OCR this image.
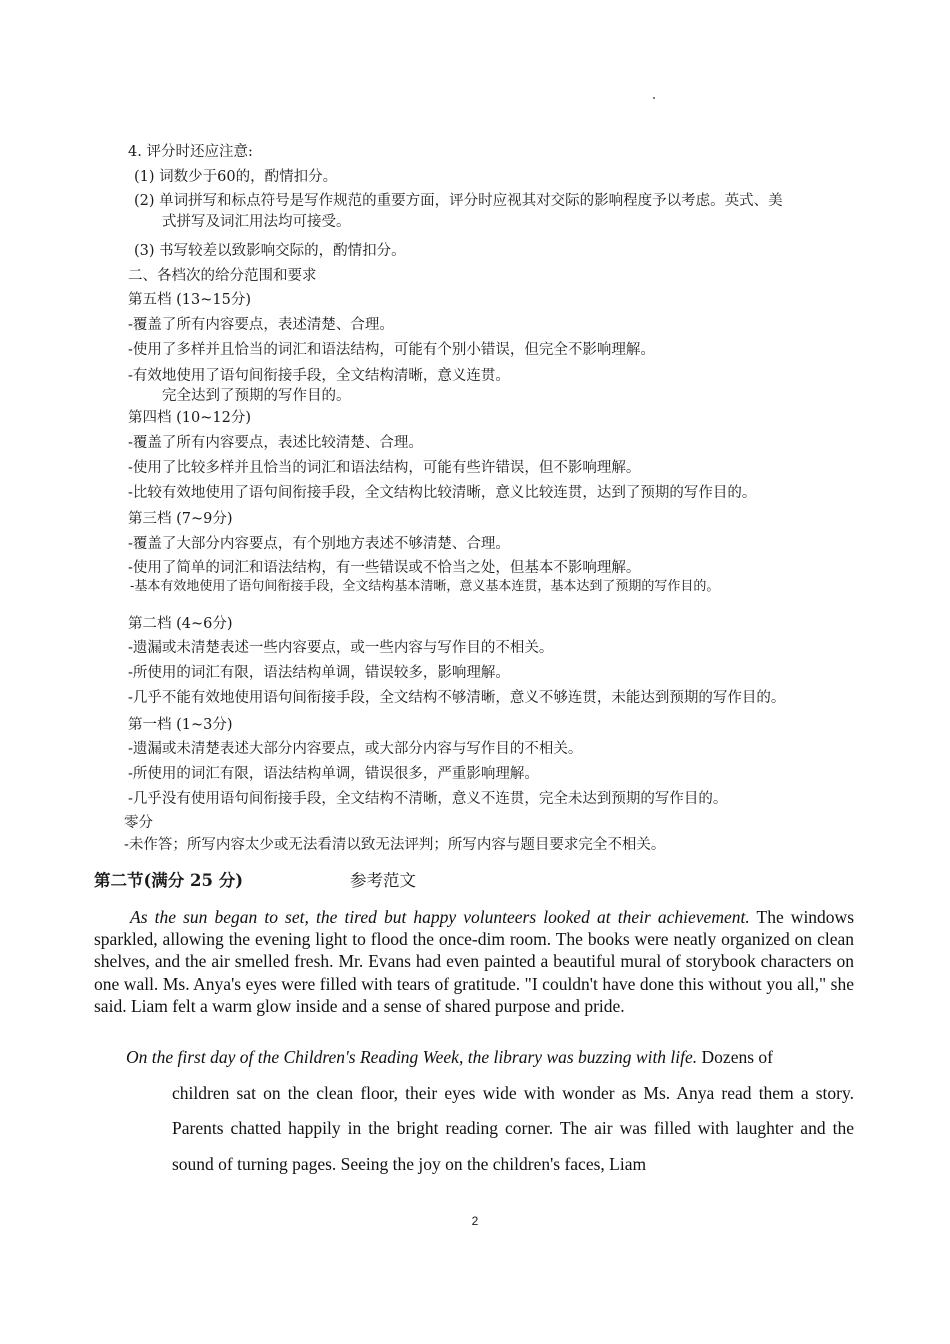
4. 评分时还应注意:
(1) 词数少于60的，酌情扣分。
(2) 单词拼写和标点符号是写作规范的重要方面，评分时应视其对交际的影响程度予以考虑。英式、美
式拼写及词汇用法均可接受。
(3) 书写较差以致影响交际的，酌情扣分。
二、各档次的给分范围和要求
第五档 (13~15分)
-覆盖了所有内容要点，表述清楚、合理。
-使用了多样并且恰当的词汇和语法结构，可能有个别小错误，但完全不影响理解。
-有效地使用了语句间衔接手段，全文结构清晰，意义连贯。
完全达到了预期的写作目的。
第四档 (10~12分)
-覆盖了所有内容要点，表述比较清楚、合理。
-使用了比较多样并且恰当的词汇和语法结构，可能有些许错误，但不影响理解。
-比较有效地使用了语句间衔接手段，全文结构比较清晰，意义比较连贯，达到了预期的写作目的。
第三档 (7~9分)
-覆盖了大部分内容要点，有个别地方表述不够清楚、合理。
-使用了简单的词汇和语法结构，有一些错误或不恰当之处，但基本不影响理解。
-基本有效地使用了语句间衔接手段，全文结构基本清晰，意义基本连贯，基本达到了预期的写作目的。
第二档 (4~6分)
-遗漏或未清楚表述一些内容要点，或一些内容与写作目的不相关。
-所使用的词汇有限，语法结构单调，错误较多，影响理解。
-几乎不能有效地使用语句间衔接手段，全文结构不够清晰，意义不够连贯，未能达到预期的写作目的。
第一档 (1~3分)
-遗漏或未清楚表述大部分内容要点，或大部分内容与写作目的不相关。
-所使用的词汇有限，语法结构单调，错误很多，严重影响理解。
-几乎没有使用语句间衔接手段，全文结构不清晰，意义不连贯，完全未达到预期的写作目的。
零分
-未作答；所写内容太少或无法看清以致无法评判；所写内容与题目要求完全不相关。
第二节(满分 25 分)	参考范文
As the sun began to set, the tired but happy volunteers looked at their achievement. The windows sparkled, allowing the evening light to flood the once-dim room. The books were neatly organized on clean shelves, and the air smelled fresh. Mr. Evans had even painted a beautiful mural of storybook characters on one wall. Ms. Anya's eyes were filled with tears of gratitude. "I couldn't have done this without you all," she said. Liam felt a warm glow inside and a sense of shared purpose and pride.
On the first day of the Children's Reading Week, the library was buzzing with life. Dozens of
children sat on the clean floor, their eyes wide with wonder as Ms. Anya read them a story. Parents chatted happily in the bright reading corner. The air was filled with laughter and the sound of turning pages. Seeing the joy on the children's faces, Liam
2
